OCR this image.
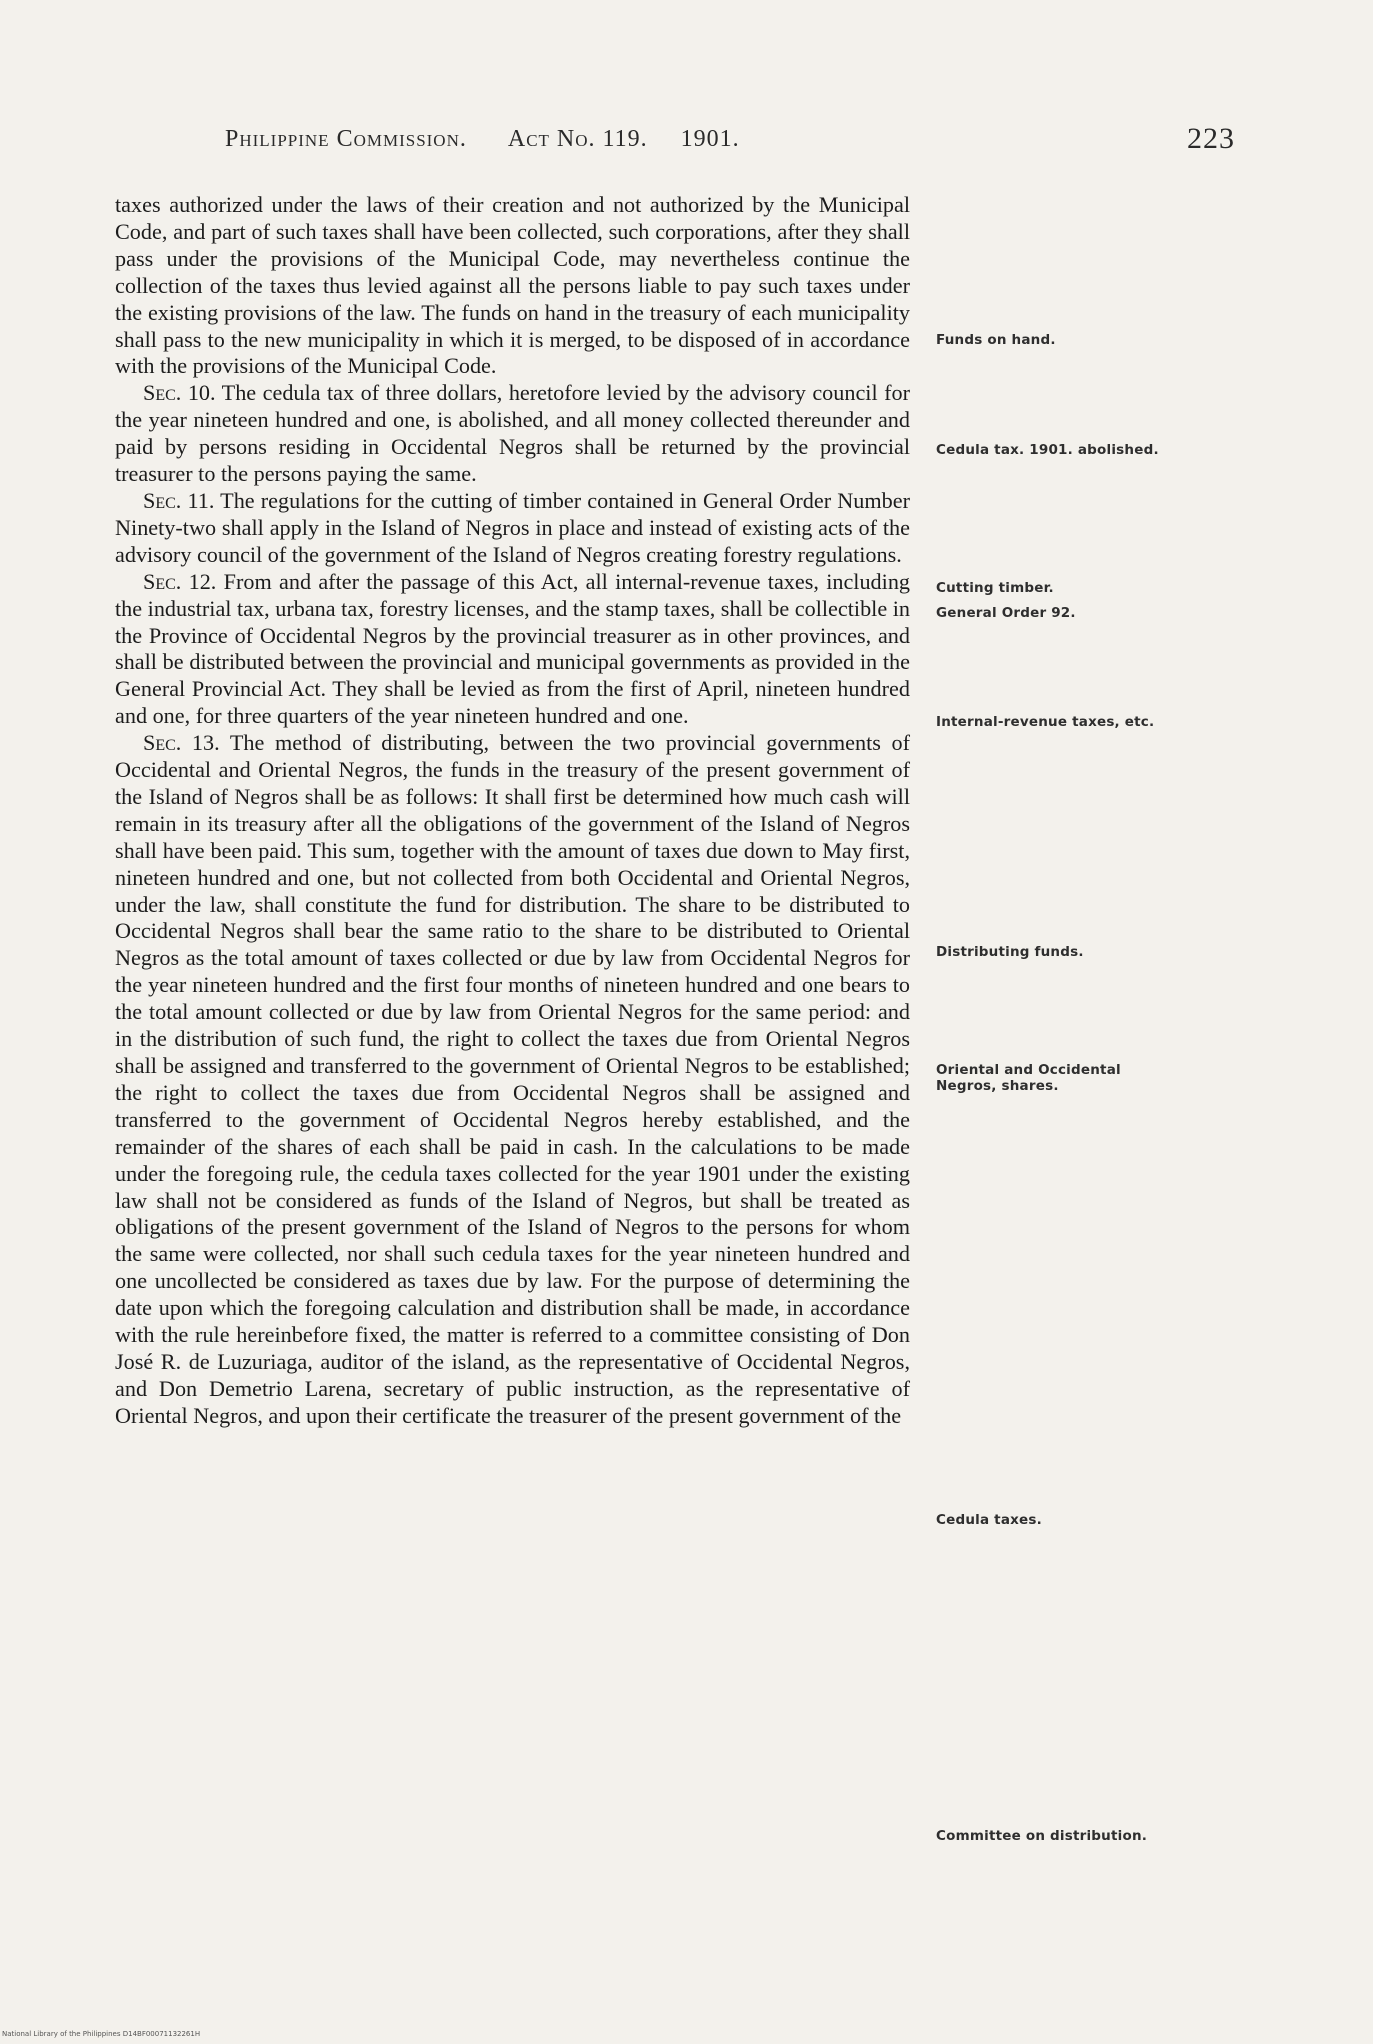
Philippine Commission. Act No. 119. 1901.	223

taxes authorized under the laws of their creation and not authorized by the Municipal Code, and part of such taxes shall have been collected, such corporations, after they shall pass under the provisions of the Municipal Code, may nevertheless continue the collection of the taxes thus levied against all the persons liable to pay such taxes under the existing provisions of the law. The funds on hand in the treasury of each municipality shall pass to the new municipality in which it is merged, to be disposed of in accordance with the provisions of the Municipal Code.

Sec. 10. The cedula tax of three dollars, heretofore levied by the advisory council for the year nineteen hundred and one, is abolished, and all money collected thereunder and paid by persons residing in Occidental Negros shall be returned by the provincial treasurer to the persons paying the same.

Sec. 11. The regulations for the cutting of timber contained in General Order Number Ninety-two shall apply in the Island of Negros in place and instead of existing acts of the advisory council of the government of the Island of Negros creating forestry regulations.

Sec. 12. From and after the passage of this Act, all internal-revenue taxes, including the industrial tax, urbana tax, forestry licenses, and the stamp taxes, shall be collectible in the Province of Occidental Negros by the provincial treasurer as in other provinces, and shall be distributed between the provincial and municipal governments as provided in the General Provincial Act. They shall be levied as from the first of April, nineteen hundred and one, for three quarters of the year nineteen hundred and one.

Sec. 13. The method of distributing, between the two provincial governments of Occidental and Oriental Negros, the funds in the treasury of the present government of the Island of Negros shall be as follows: It shall first be determined how much cash will remain in its treasury after all the obligations of the government of the Island of Negros shall have been paid. This sum, together with the amount of taxes due down to May first, nineteen hundred and one, but not collected from both Occidental and Oriental Negros, under the law, shall constitute the fund for distribution. The share to be distributed to Occidental Negros shall bear the same ratio to the share to be distributed to Oriental Negros as the total amount of taxes collected or due by law from Occidental Negros for the year nineteen hundred and the first four months of nineteen hundred and one bears to the total amount collected or due by law from Oriental Negros for the same period: and in the distribution of such fund, the right to collect the taxes due from Oriental Negros shall be assigned and transferred to the government of Oriental Negros to be established; the right to collect the taxes due from Occidental Negros shall be assigned and transferred to the government of Occidental Negros hereby established, and the remainder of the shares of each shall be paid in cash. In the calculations to be made under the foregoing rule, the cedula taxes collected for the year 1901 under the existing law shall not be considered as funds of the Island of Negros, but shall be treated as obligations of the present government of the Island of Negros to the persons for whom the same were collected, nor shall such cedula taxes for the year nineteen hundred and one uncollected be considered as taxes due by law. For the purpose of determining the date upon which the foregoing calculation and distribution shall be made, in accordance with the rule hereinbefore fixed, the matter is referred to a committee consisting of Don José R. de Luzuriaga, auditor of the island, as the representative of Occidental Negros, and Don Demetrio Larena, secretary of public instruction, as the representative of Oriental Negros, and upon their certificate the treasurer of the present government of the

Funds on hand.
Cedula tax. 1901. abolished.
Cutting timber.
General Order 92.
Internal-revenue taxes, etc.
Distributing funds.
Oriental and Occidental Negros, shares.
Cedula taxes.
Committee on distribution.
National Library of the Philippines D14BF00071132261H
